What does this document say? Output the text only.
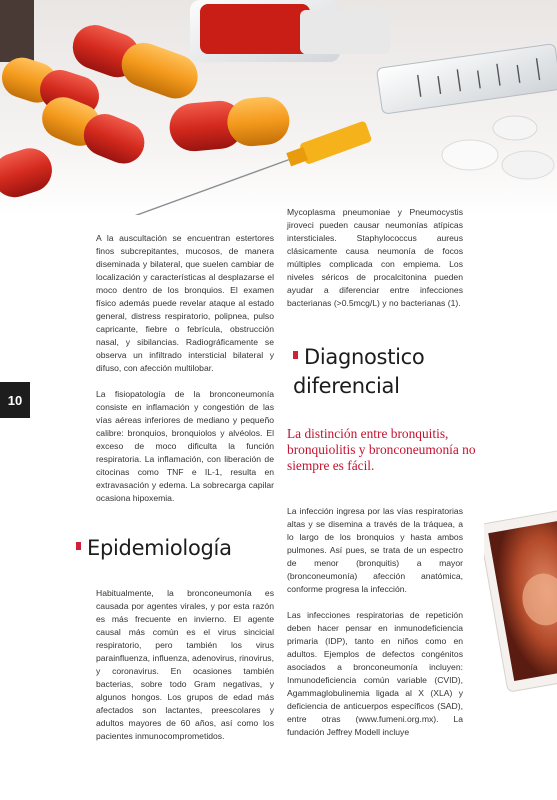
10

A la auscultación se encuentran estertores finos subcrepitantes, mucosos, de manera diseminada y bilateral, que suelen cambiar de localización y características al desplazarse el moco dentro de los bronquios. El examen físico además puede revelar ataque al estado general, distress respiratorio, polipnea, pulso capricante, fiebre o febrícula, obstrucción nasal, y sibilancias. Radiográficamente se observa un infiltrado intersticial bilateral y difuso, con afección multilobar.

La fisiopatología de la bronconeumonía consiste en inflamación y congestión de las vías aéreas inferiores de mediano y pequeño calibre: bronquios, bronquiolos y alvéolos. El exceso de moco dificulta la función respiratoria. La inflamación, con liberación de citocinas como TNF e IL-1, resulta en extravasación y edema. La sobrecarga capilar ocasiona hipoxemia.

Mycoplasma pneumoniae y Pneumocystis jiroveci pueden causar neumonías atípicas intersticiales. Staphylococcus aureus clásicamente causa neumonía de focos múltiples complicada con empiema. Los niveles séricos de procalcitonina pueden ayudar a diferenciar entre infecciones bacterianas (>0.5mcg/L) y no bacterianas (1).

Diagnostico diferencial
La distinción entre bronquitis, bronquiolitis y bronconeumonía no siempre es fácil.

La infección ingresa por las vías respiratorias altas y se disemina a través de la tráquea, a lo largo de los bronquios y hasta ambos pulmones. Así pues, se trata de un espectro de menor (bronquitis) a mayor (bronconeumonía) afección anatómica, conforme progresa la infección.

Las infecciones respiratorias de repetición deben hacer pensar en inmunodeficiencia primaria (IDP), tanto en niños como en adultos. Ejemplos de defectos congénitos asociados a bronconeumonía incluyen: Inmunodeficiencia común variable (CVID), Agammaglobulinemia ligada al X (XLA) y deficiencia de anticuerpos específicos (SAD), entre otras (www.fumeni.org.mx). La fundación Jeffrey Modell incluye

Epidemiología

Habitualmente, la bronconeumonía es causada por agentes virales, y por esta razón es más frecuente en invierno. El agente causal más común es el virus sincicial respiratorio, pero también los virus parainfluenza, influenza, adenovirus, rinovirus, y coronavirus. En ocasiones también bacterias, sobre todo Gram negativas, y algunos hongos. Los grupos de edad más afectados son lactantes, preescolares y adultos mayores de 60 años, así como los pacientes inmunocomprometidos.
